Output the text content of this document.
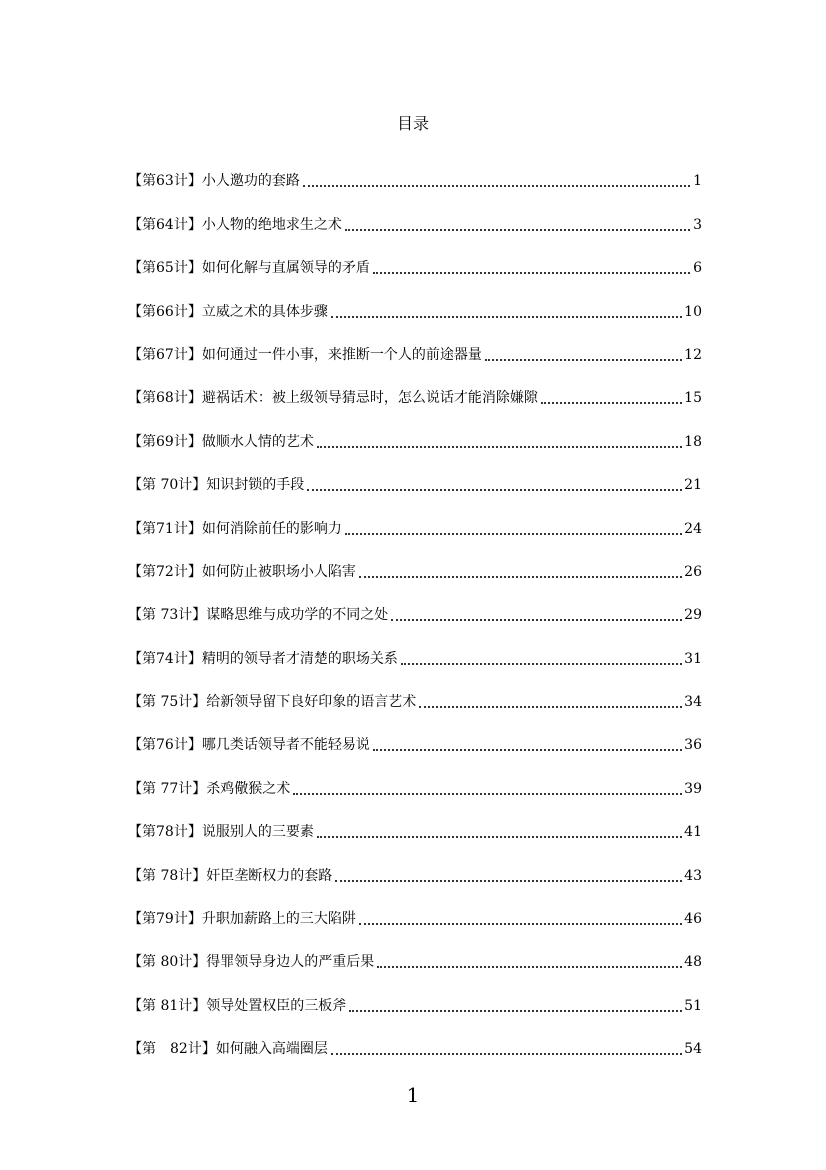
目录
【第63计】小人邀功的套路	1
【第64计】小人物的绝地求生之术	3
【第65计】如何化解与直属领导的矛盾	6
【第66计】立威之术的具体步骤	10
【第67计】如何通过一件小事，来推断一个人的前途器量	12
【第68计】避祸话术：被上级领导猜忌时，怎么说话才能消除嫌隙	15
【第69计】做顺水人情的艺术	18
【第 70计】知识封锁的手段	21
【第71计】如何消除前任的影响力	24
【第72计】如何防止被职场小人陷害	26
【第 73计】谋略思维与成功学的不同之处	29
【第74计】精明的领导者才清楚的职场关系	31
【第 75计】给新领导留下良好印象的语言艺术	34
【第76计】哪几类话领导者不能轻易说	36
【第 77计】杀鸡儆猴之术	39
【第78计】说服别人的三要素	41
【第 78计】奸臣垄断权力的套路	43
【第79计】升职加薪路上的三大陷阱	46
【第 80计】得罪领导身边人的严重后果	48
【第 81计】领导处置权臣的三板斧	51
【第　82计】如何融入高端圈层	54
1
